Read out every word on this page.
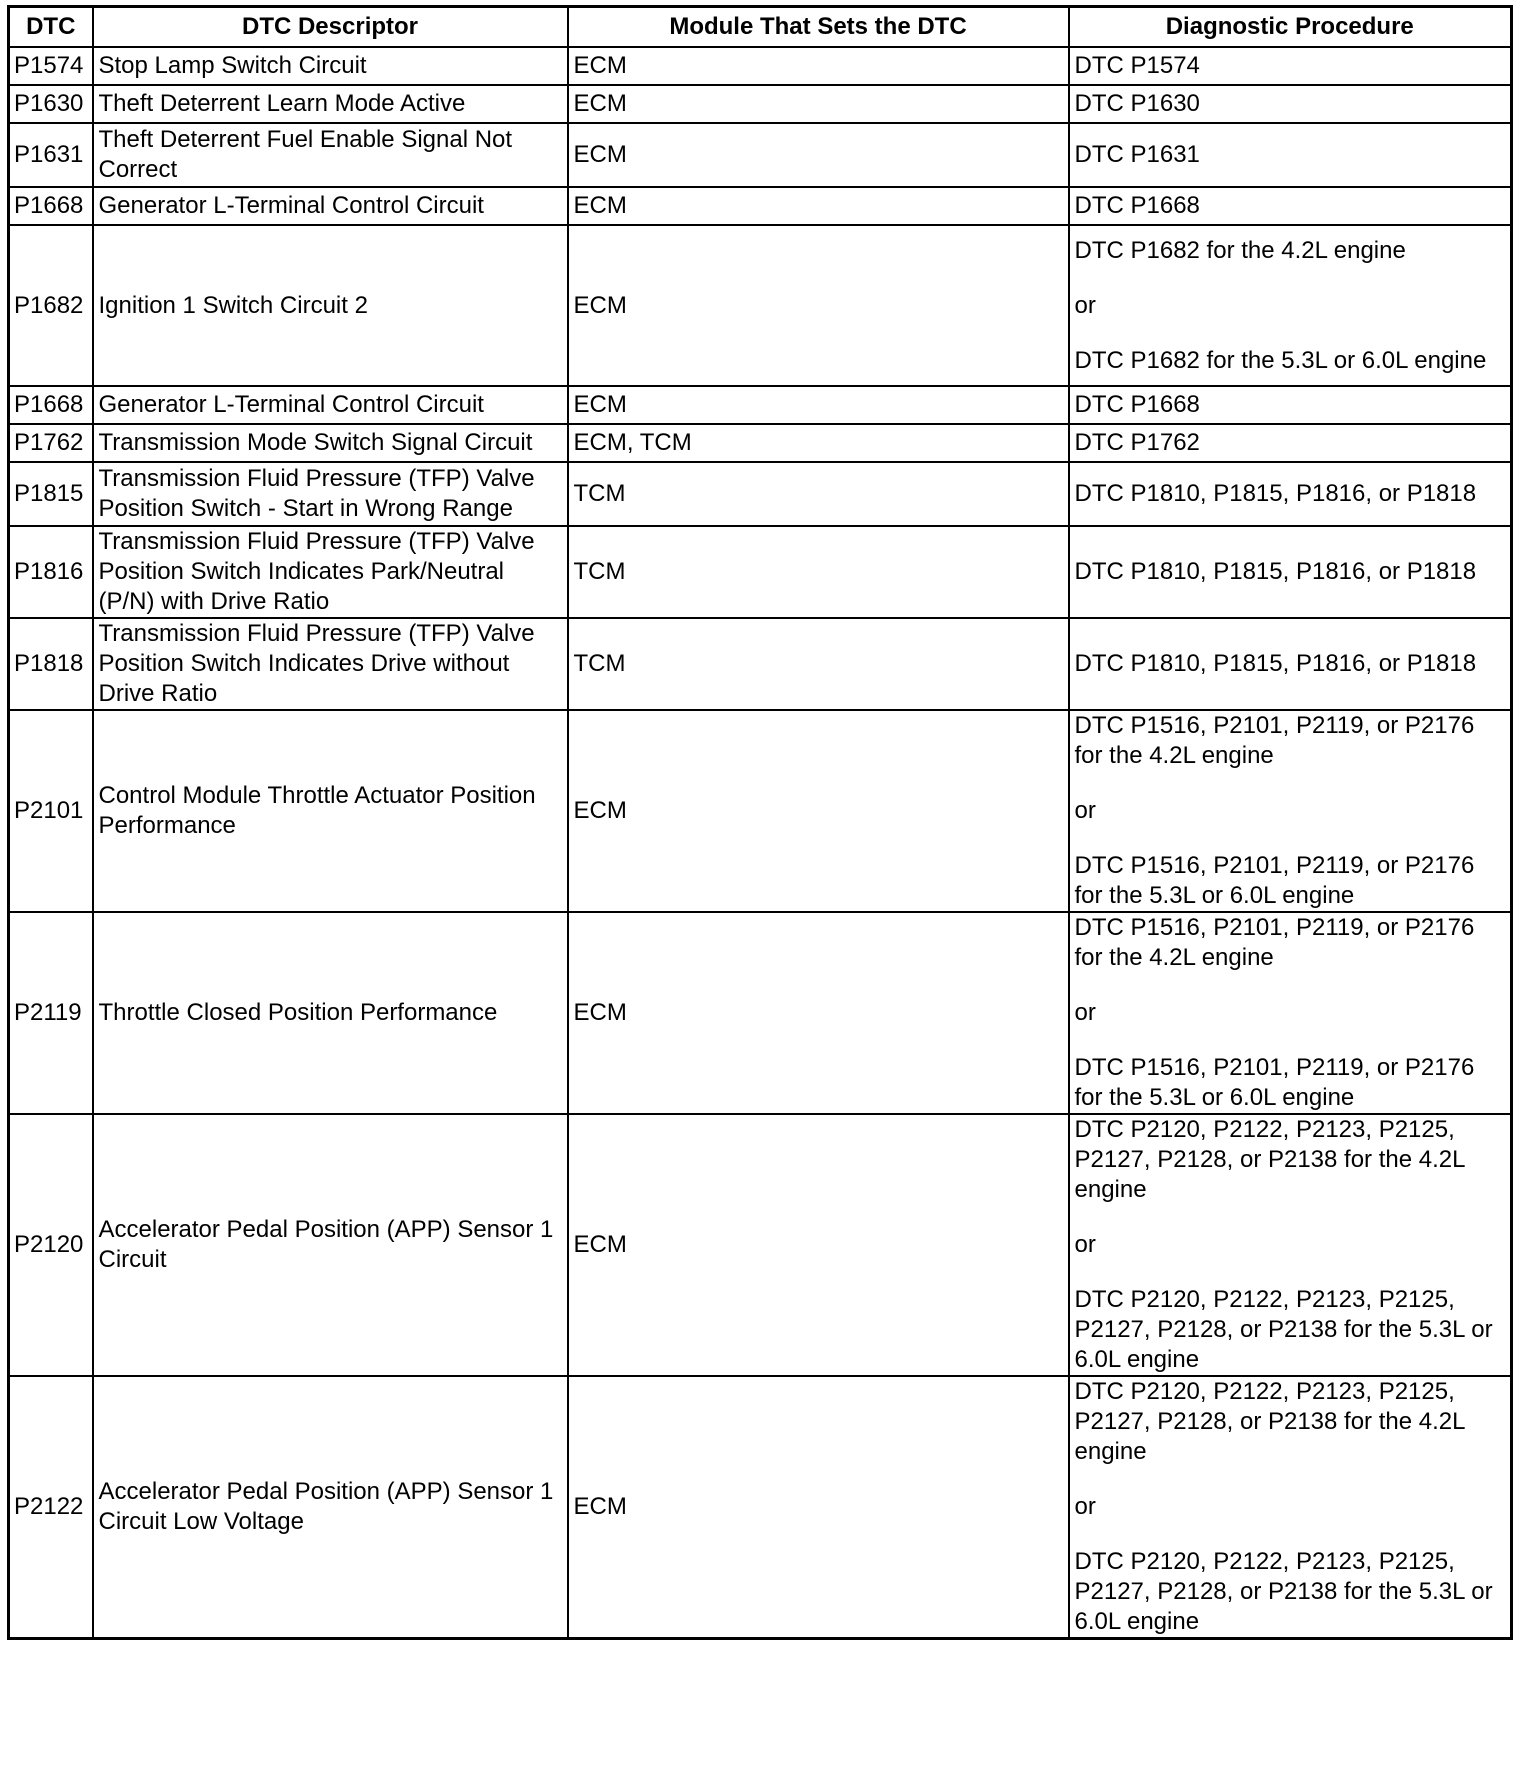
DTC	DTC Descriptor	Module That Sets the DTC	Diagnostic Procedure
P1574	Stop Lamp Switch Circuit	ECM	DTC P1574

P1630	Theft Deterrent Learn Mode Active	ECM	DTC P1630

P1631	Theft Deterrent Fuel Enable Signal Not Correct	ECM	DTC P1631

P1668	Generator L-Terminal Control Circuit	ECM	DTC P1668

P1682	Ignition 1 Switch Circuit 2	ECM	DTC P1682 for the 4.2L engine
or
DTC P1682 for the 5.3L or 6.0L engine

P1668	Generator L-Terminal Control Circuit	ECM	DTC P1668

P1762	Transmission Mode Switch Signal Circuit	ECM, TCM	DTC P1762

P1815	Transmission Fluid Pressure (TFP) Valve Position Switch - Start in Wrong Range	TCM	DTC P1810, P1815, P1816, or P1818

P1816	Transmission Fluid Pressure (TFP) Valve Position Switch Indicates Park/Neutral (P/N) with Drive Ratio	TCM	DTC P1810, P1815, P1816, or P1818

P1818	Transmission Fluid Pressure (TFP) Valve Position Switch Indicates Drive without Drive Ratio	TCM	DTC P1810, P1815, P1816, or P1818

P2101	Control Module Throttle Actuator Position Performance	ECM	DTC P1516, P2101, P2119, or P2176 for the 4.2L engine
or
DTC P1516, P2101, P2119, or P2176 for the 5.3L or 6.0L engine

P2119	Throttle Closed Position Performance	ECM	DTC P1516, P2101, P2119, or P2176 for the 4.2L engine
or
DTC P1516, P2101, P2119, or P2176 for the 5.3L or 6.0L engine

P2120	Accelerator Pedal Position (APP) Sensor 1 Circuit	ECM	DTC P2120, P2122, P2123, P2125, P2127, P2128, or P2138 for the 4.2L engine
or
DTC P2120, P2122, P2123, P2125, P2127, P2128, or P2138 for the 5.3L or 6.0L engine

P2122	Accelerator Pedal Position (APP) Sensor 1 Circuit Low Voltage	ECM	DTC P2120, P2122, P2123, P2125, P2127, P2128, or P2138 for the 4.2L engine
or
DTC P2120, P2122, P2123, P2125, P2127, P2128, or P2138 for the 5.3L or 6.0L engine
